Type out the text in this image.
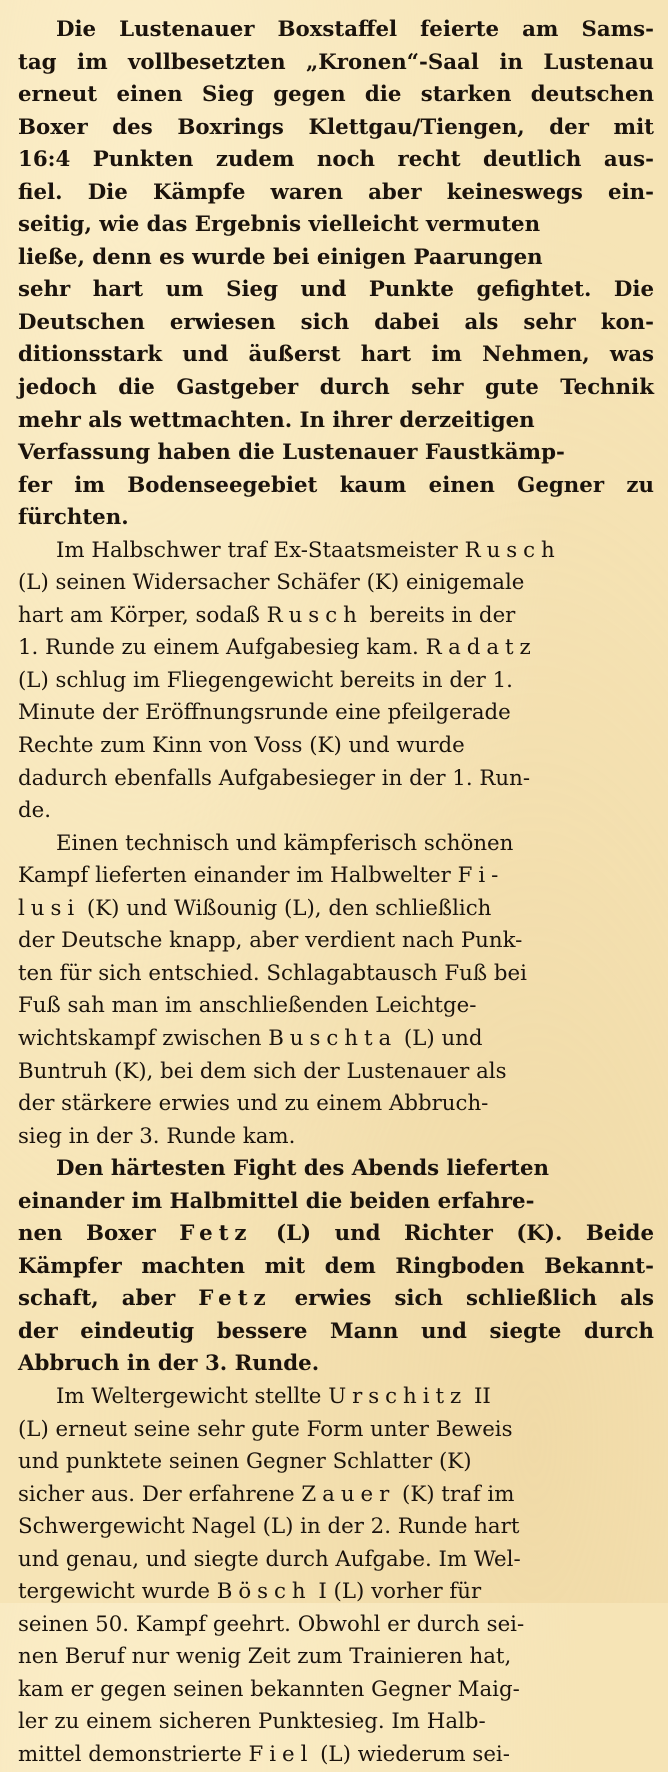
Die Lustenauer Boxstaffel feierte am Sams-
tag im vollbesetzten „Kronen“-Saal in Lustenau
erneut einen Sieg gegen die starken deutschen
Boxer des Boxrings Klettgau/Tiengen, der mit
16:4 Punkten zudem noch recht deutlich aus-
fiel. Die Kämpfe waren aber keineswegs ein-
seitig, wie das Ergebnis vielleicht vermuten
ließe, denn es wurde bei einigen Paarungen
sehr hart um Sieg und Punkte gefightet. Die
Deutschen erwiesen sich dabei als sehr kon-
ditionsstark und äußerst hart im Nehmen, was
jedoch die Gastgeber durch sehr gute Technik
mehr als wettmachten. In ihrer derzeitigen
Verfassung haben die Lustenauer Faustkämp-
fer im Bodenseegebiet kaum einen Gegner zu
fürchten.
Im Halbschwer traf Ex-Staatsmeister Rusch
(L) seinen Widersacher Schäfer (K) einigemale
hart am Körper, sodaß Rusch bereits in der
1. Runde zu einem Aufgabesieg kam. Radatz
(L) schlug im Fliegengewicht bereits in der 1.
Minute der Eröffnungsrunde eine pfeilgerade
Rechte zum Kinn von Voss (K) und wurde
dadurch ebenfalls Aufgabesieger in der 1. Run-
de.
Einen technisch und kämpferisch schönen
Kampf lieferten einander im Halbwelter Fi-
lusi (K) und Wißounig (L), den schließlich
der Deutsche knapp, aber verdient nach Punk-
ten für sich entschied. Schlagabtausch Fuß bei
Fuß sah man im anschließenden Leichtge-
wichtskampf zwischen Buschta (L) und
Buntruh (K), bei dem sich der Lustenauer als
der stärkere erwies und zu einem Abbruch-
sieg in der 3. Runde kam.
Den härtesten Fight des Abends lieferten
einander im Halbmittel die beiden erfahre-
nen Boxer Fetz (L) und Richter (K). Beide
Kämpfer machten mit dem Ringboden Bekannt-
schaft, aber Fetz erwies sich schließlich als
der eindeutig bessere Mann und siegte durch
Abbruch in der 3. Runde.
Im Weltergewicht stellte Urschitz II
(L) erneut seine sehr gute Form unter Beweis
und punktete seinen Gegner Schlatter (K)
sicher aus. Der erfahrene Zauer (K) traf im
Schwergewicht Nagel (L) in der 2. Runde hart
und genau, und siegte durch Aufgabe. Im Wel-
tergewicht wurde Bösch I (L) vorher für
seinen 50. Kampf geehrt. Obwohl er durch sei-
nen Beruf nur wenig Zeit zum Trainieren hat,
kam er gegen seinen bekannten Gegner Maig-
ler zu einem sicheren Punktesieg. Im Halb-
mittel demonstrierte Fiel (L) wiederum sei-
